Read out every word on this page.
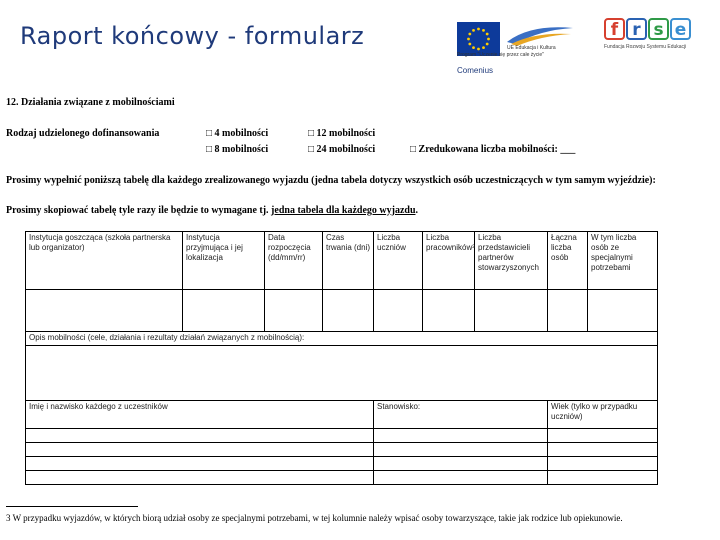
Raport końcowy - formularz	UE Edukacja i Kultura
Program "Uczenie się przez całe życie"
Comenius
f r s e
Fundacja Rozwoju Systemu Edukacji
12. Działania związane z mobilnościami
Rodzaj udzielonego dofinansowania	□ 4 mobilności	□ 12 mobilności
□ 8 mobilności	□ 24 mobilności	□ Zredukowana liczba mobilności: ___
Prosimy wypełnić poniższą tabelę dla każdego zrealizowanego wyjazdu (jedna tabela dotyczy wszystkich osób uczestniczących w tym samym wyjeździe):
Prosimy skopiować tabelę tyle razy ile będzie to wymagane tj. jedna tabela dla każdego wyjazdu.
Instytucja goszcząca (szkoła partnerska lub organizator)	Instytucja przyjmująca i jej lokalizacja	Data rozpoczęcia (dd/mm/rr)	Czas trwania (dni)	Liczba uczniów	Liczba pracowników³	Liczba przedstawicieli partnerów stowarzyszonych	Łączna liczba osób	W tym liczba osób ze specjalnymi potrzebami

Opis mobilności (cele, działania i rezultaty działań związanych z mobilnością):								

Imię i nazwisko każdego z uczestników				Stanowisko:			Wiek (tylko w przypadku uczniów)	

3 W przypadku wyjazdów, w których biorą udział osoby ze specjalnymi potrzebami, w tej kolumnie należy wpisać osoby towarzyszące, takie jak rodzice lub opiekunowie.
